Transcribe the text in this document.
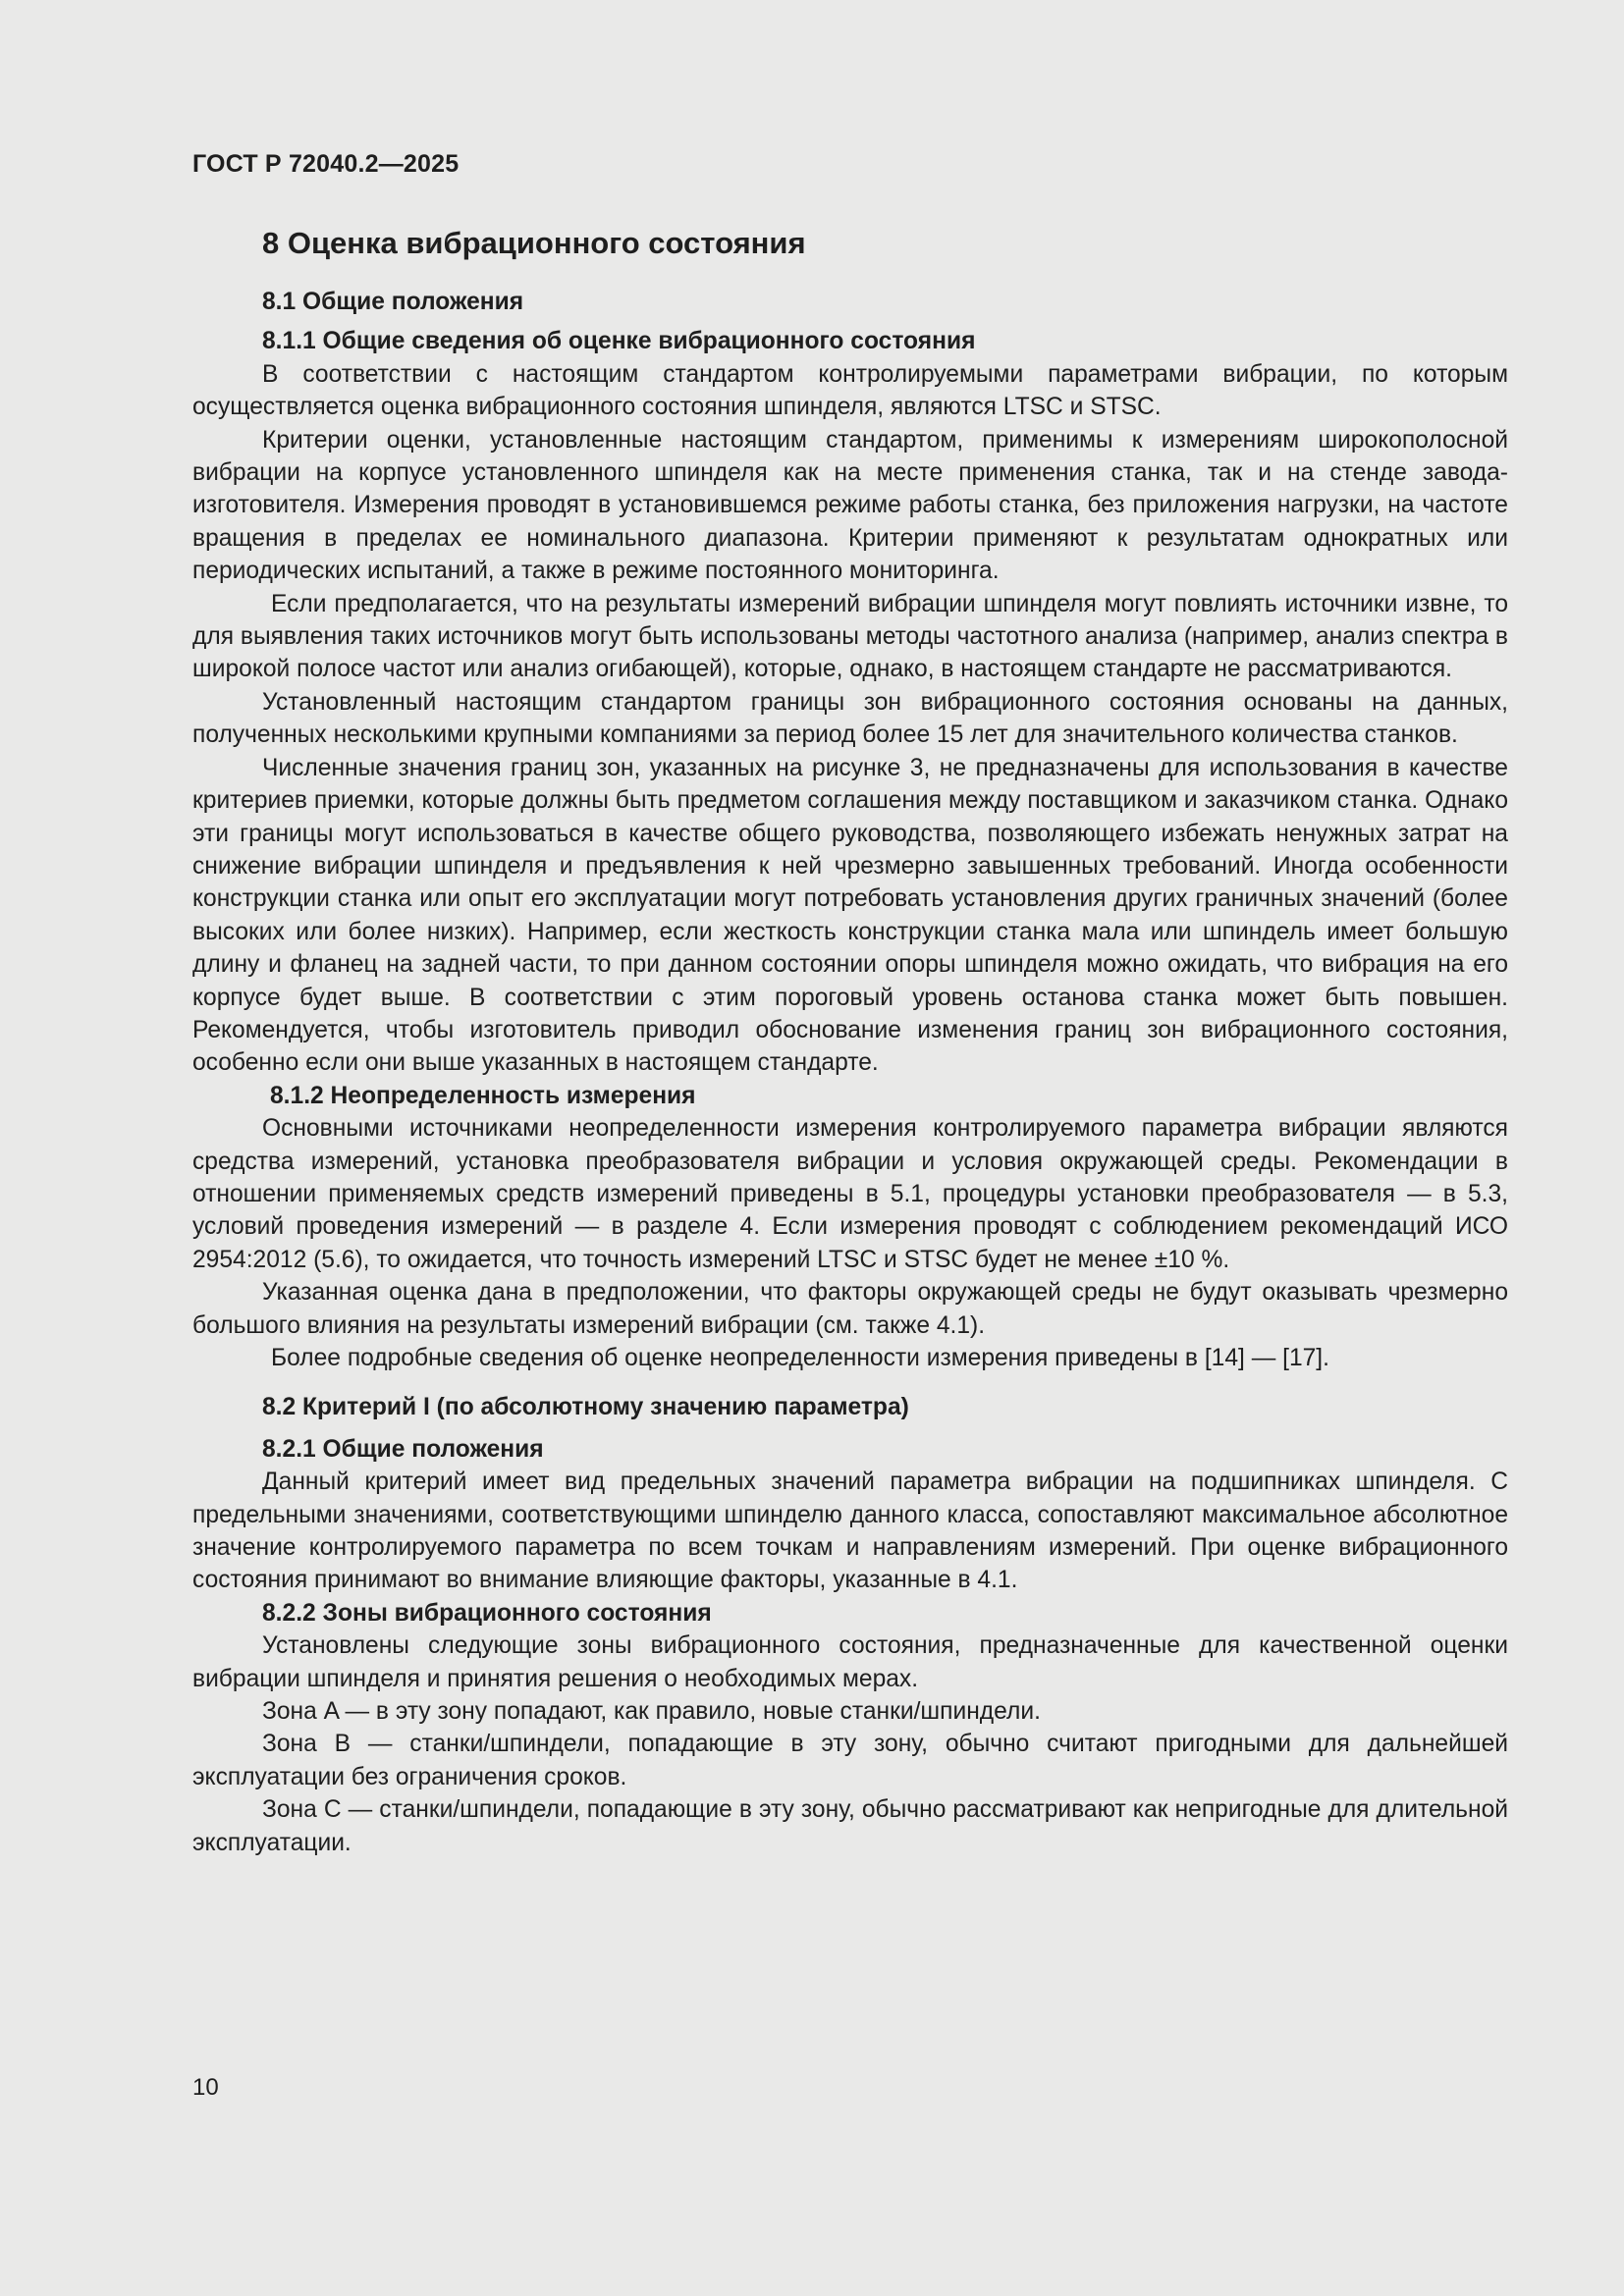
ГОСТ Р 72040.2—2025
8 Оценка вибрационного состояния
8.1 Общие положения
8.1.1 Общие сведения об оценке вибрационного состояния

В соответствии с настоящим стандартом контролируемыми параметрами вибрации, по которым осуществляется оценка вибрационного состояния шпинделя, являются LTSC и STSC.

Критерии оценки, установленные настоящим стандартом, применимы к измерениям широкополосной вибрации на корпусе установленного шпинделя как на месте применения станка, так и на стенде завода-изготовителя. Измерения проводят в установившемся режиме работы станка, без приложения нагрузки, на частоте вращения в пределах ее номинального диапазона. Критерии применяют к результатам однократных или периодических испытаний, а также в режиме постоянного мониторинга.

Если предполагается, что на результаты измерений вибрации шпинделя могут повлиять источники извне, то для выявления таких источников могут быть использованы методы частотного анализа (например, анализ спектра в широкой полосе частот или анализ огибающей), которые, однако, в настоящем стандарте не рассматриваются.

Установленный настоящим стандартом границы зон вибрационного состояния основаны на данных, полученных несколькими крупными компаниями за период более 15 лет для значительного количества станков.

Численные значения границ зон, указанных на рисунке 3, не предназначены для использования в качестве критериев приемки, которые должны быть предметом соглашения между поставщиком и заказчиком станка. Однако эти границы могут использоваться в качестве общего руководства, позволяющего избежать ненужных затрат на снижение вибрации шпинделя и предъявления к ней чрезмерно завышенных требований. Иногда особенности конструкции станка или опыт его эксплуатации могут потребовать установления других граничных значений (более высоких или более низких). Например, если жесткость конструкции станка мала или шпиндель имеет большую длину и фланец на задней части, то при данном состоянии опоры шпинделя можно ожидать, что вибрация на его корпусе будет выше. В соответствии с этим пороговый уровень останова станка может быть повышен. Рекомендуется, чтобы изготовитель приводил обоснование изменения границ зон вибрационного состояния, особенно если они выше указанных в настоящем стандарте.

8.1.2 Неопределенность измерения

Основными источниками неопределенности измерения контролируемого параметра вибрации являются средства измерений, установка преобразователя вибрации и условия окружающей среды. Рекомендации в отношении применяемых средств измерений приведены в 5.1, процедуры установки преобразователя — в 5.3, условий проведения измерений — в разделе 4. Если измерения проводят с соблюдением рекомендаций ИСО 2954:2012 (5.6), то ожидается, что точность измерений LTSC и STSC будет не менее ±10 %.

Указанная оценка дана в предположении, что факторы окружающей среды не будут оказывать чрезмерно большого влияния на результаты измерений вибрации (см. также 4.1).

Более подробные сведения об оценке неопределенности измерения приведены в [14] — [17].

8.2 Критерий I (по абсолютному значению параметра)
8.2.1 Общие положения

Данный критерий имеет вид предельных значений параметра вибрации на подшипниках шпинделя. С предельными значениями, соответствующими шпинделю данного класса, сопоставляют максимальное абсолютное значение контролируемого параметра по всем точкам и направлениям измерений. При оценке вибрационного состояния принимают во внимание влияющие факторы, указанные в 4.1.

8.2.2 Зоны вибрационного состояния

Установлены следующие зоны вибрационного состояния, предназначенные для качественной оценки вибрации шпинделя и принятия решения о необходимых мерах.

Зона A — в эту зону попадают, как правило, новые станки/шпиндели.

Зона B — станки/шпиндели, попадающие в эту зону, обычно считают пригодными для дальнейшей эксплуатации без ограничения сроков.

Зона C — станки/шпиндели, попадающие в эту зону, обычно рассматривают как непригодные для длительной эксплуатации.

10
